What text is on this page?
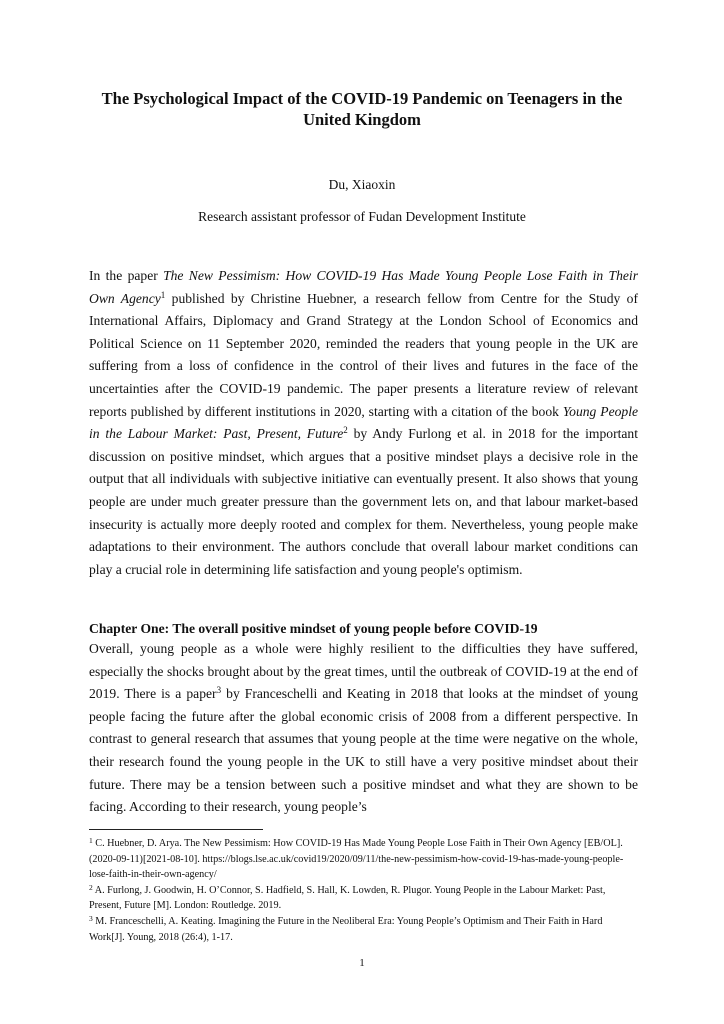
The Psychological Impact of the COVID-19 Pandemic on Teenagers in the United Kingdom
Du, Xiaoxin
Research assistant professor of Fudan Development Institute
In the paper The New Pessimism: How COVID-19 Has Made Young People Lose Faith in Their Own Agency$^1$ published by Christine Huebner, a research fellow from Centre for the Study of International Affairs, Diplomacy and Grand Strategy at the London School of Economics and Political Science on 11 September 2020, reminded the readers that young people in the UK are suffering from a loss of confidence in the control of their lives and futures in the face of the uncertainties after the COVID-19 pandemic. The paper presents a literature review of relevant reports published by different institutions in 2020, starting with a citation of the book Young People in the Labour Market: Past, Present, Future$^2$ by Andy Furlong et al. in 2018 for the important discussion on positive mindset, which argues that a positive mindset plays a decisive role in the output that all individuals with subjective initiative can eventually present. It also shows that young people are under much greater pressure than the government lets on, and that labour market-based insecurity is actually more deeply rooted and complex for them. Nevertheless, young people make adaptations to their environment. The authors conclude that overall labour market conditions can play a crucial role in determining life satisfaction and young people's optimism.
Chapter One: The overall positive mindset of young people before COVID-19
Overall, young people as a whole were highly resilient to the difficulties they have suffered, especially the shocks brought about by the great times, until the outbreak of COVID-19 at the end of 2019. There is a paper$^3$ by Franceschelli and Keating in 2018 that looks at the mindset of young people facing the future after the global economic crisis of 2008 from a different perspective. In contrast to general research that assumes that young people at the time were negative on the whole, their research found the young people in the UK to still have a very positive mindset about their future. There may be a tension between such a positive mindset and what they are shown to be facing. According to their research, young people’s
$^1$ C. Huebner, D. Arya. The New Pessimism: How COVID-19 Has Made Young People Lose Faith in Their Own Agency [EB/OL]. (2020-09-11)[2021-08-10]. https://blogs.lse.ac.uk/covid19/2020/09/11/the-new-pessimism-how-covid-19-has-made-young-people-lose-faith-in-their-own-agency/
$^2$ A. Furlong, J. Goodwin, H. O’Connor, S. Hadfield, S. Hall, K. Lowden, R. Plugor. Young People in the Labour Market: Past, Present, Future [M]. London: Routledge. 2019.
$^3$ M. Franceschelli, A. Keating. Imagining the Future in the Neoliberal Era: Young People’s Optimism and Their Faith in Hard Work[J]. Young, 2018 (26:4), 1-17.
1
